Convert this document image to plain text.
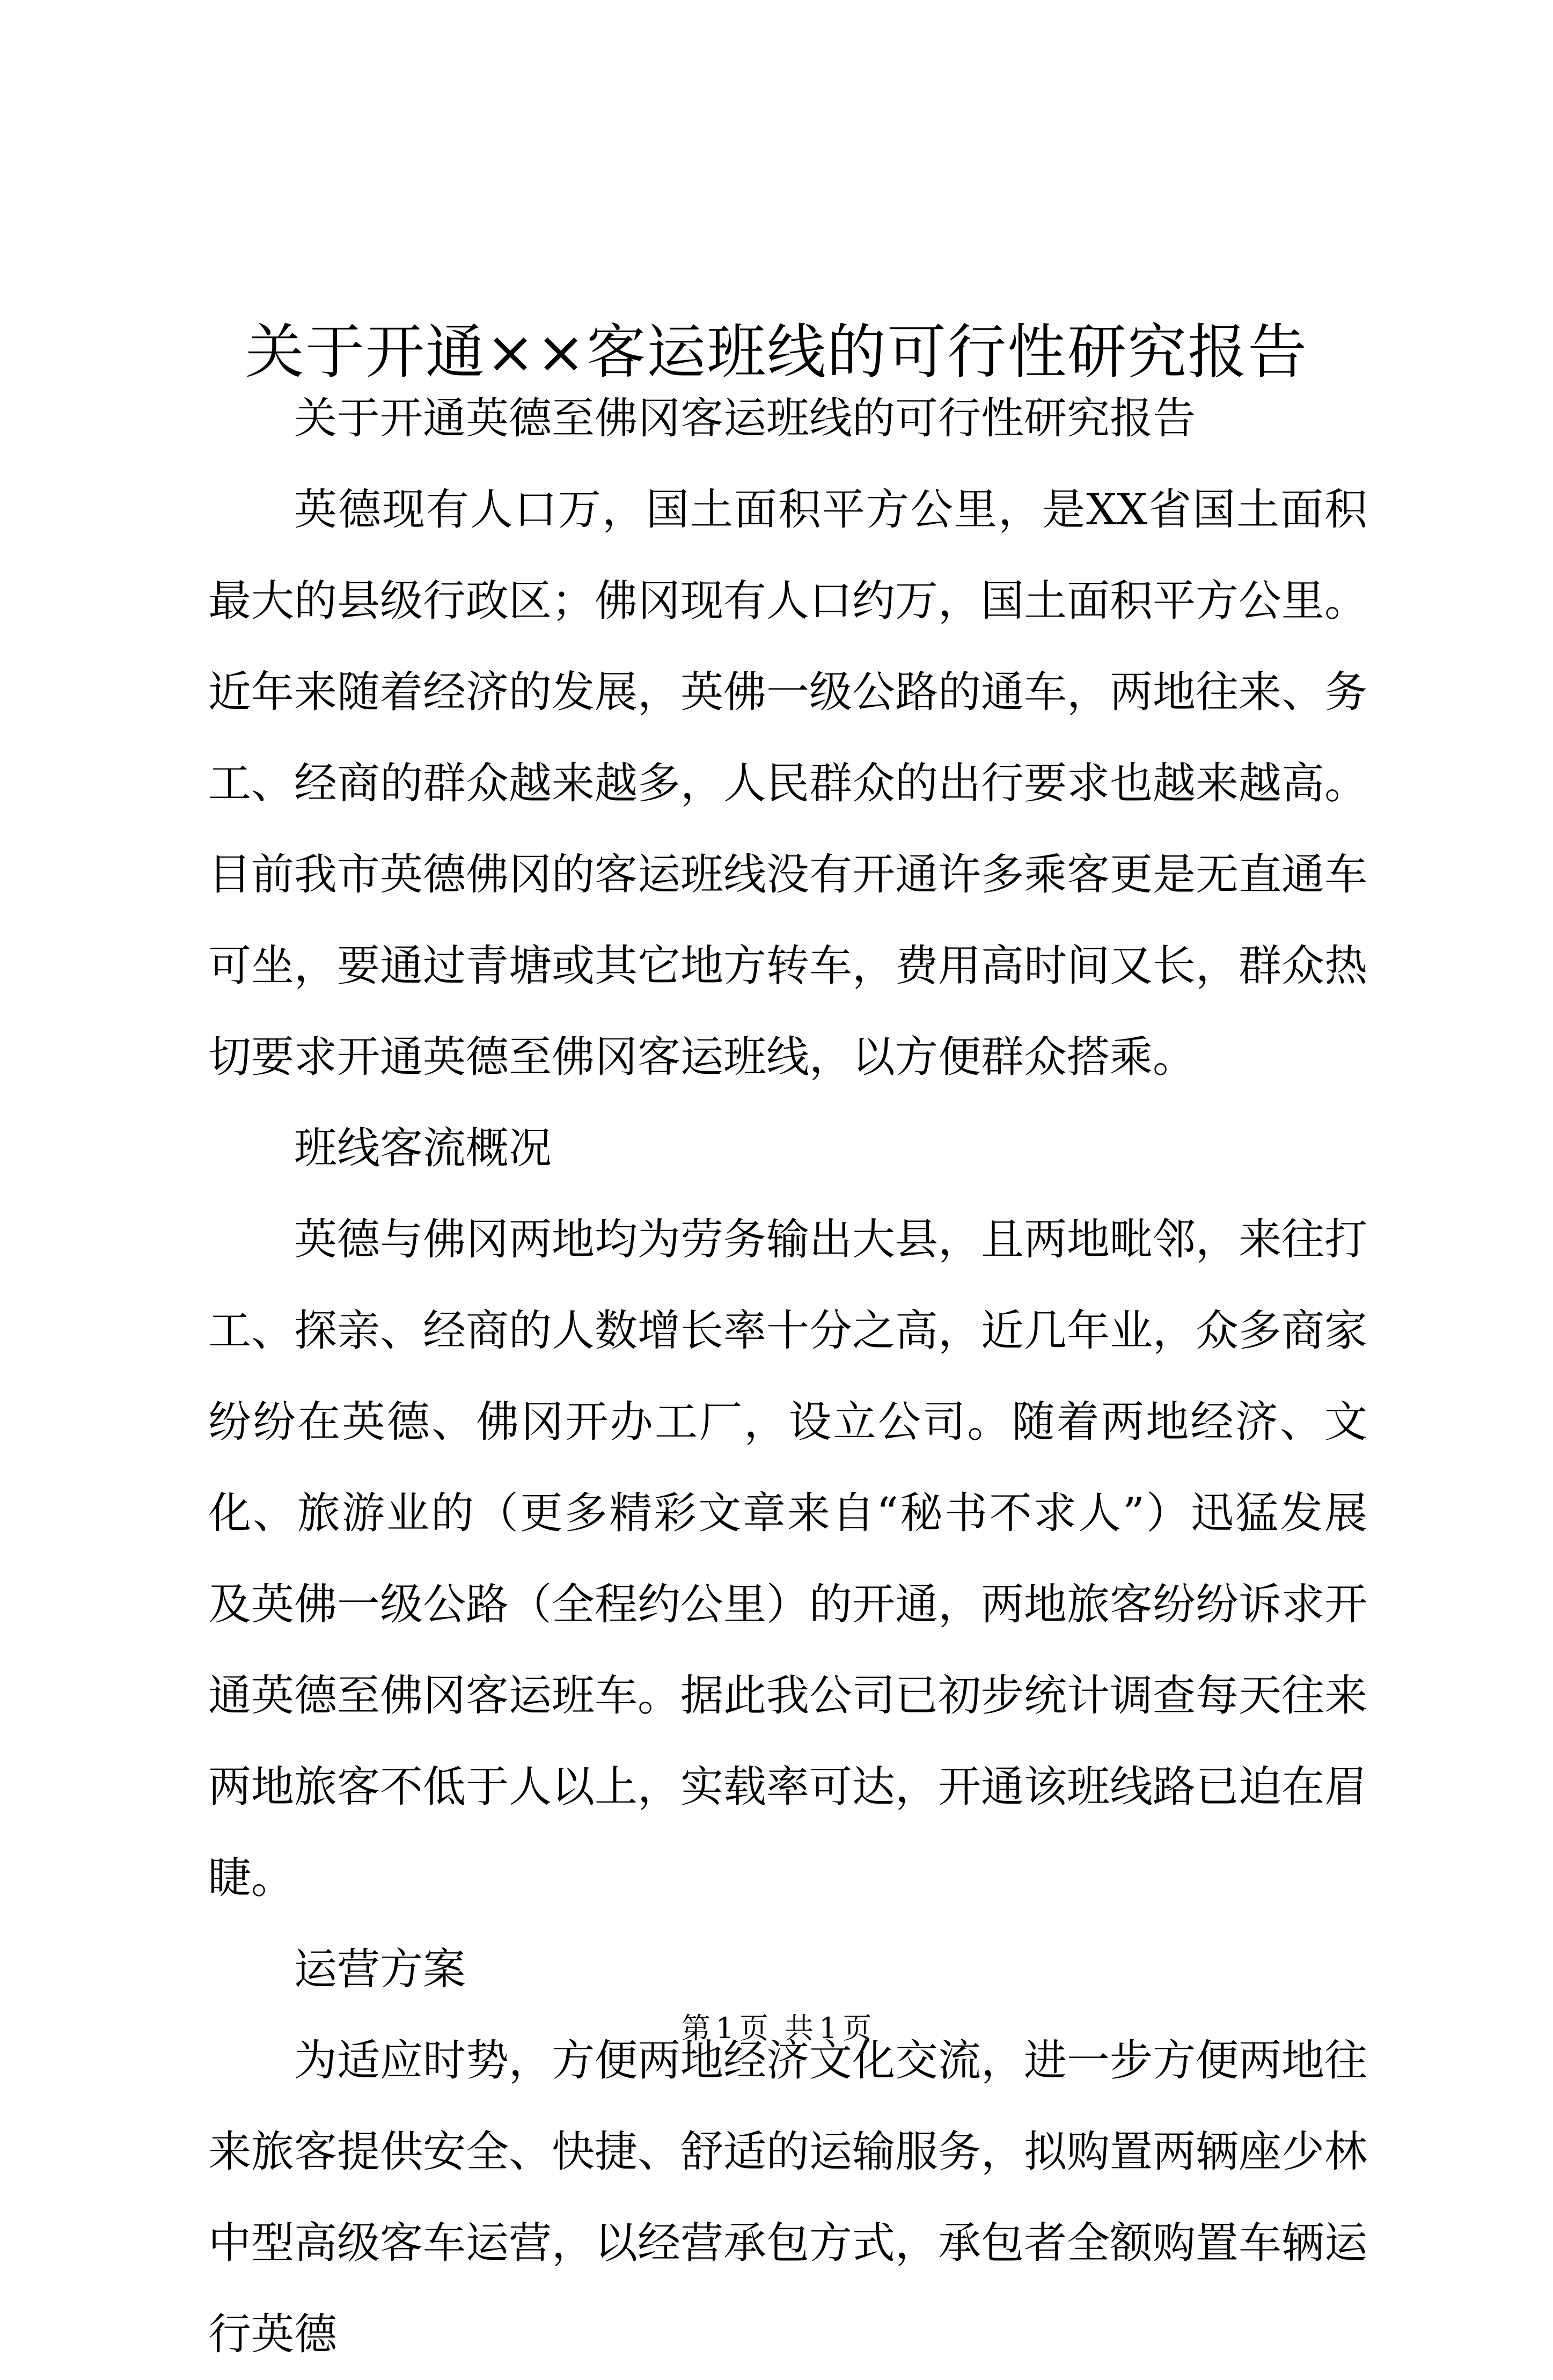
关于开通××客运班线的可行性研究报告

关于开通英德至佛冈客运班线的可行性研究报告

英德现有人口万，国土面积平方公里，是XX省国土面积最大的县级行政区；佛冈现有人口约万，国土面积平方公里。近年来随着经济的发展，英佛一级公路的通车，两地往来、务工、经商的群众越来越多，人民群众的出行要求也越来越高。目前我市英德佛冈的客运班线没有开通许多乘客更是无直通车可坐，要通过青塘或其它地方转车，费用高时间又长，群众热切要求开通英德至佛冈客运班线，以方便群众搭乘。

班线客流概况

英德与佛冈两地均为劳务输出大县，且两地毗邻，来往打工、探亲、经商的人数增长率十分之高，近几年业，众多商家纷纷在英德、佛冈开办工厂，设立公司。随着两地经济、文化、旅游业的（更多精彩文章来自“秘书不求人”）迅猛发展及英佛一级公路（全程约公里）的开通，两地旅客纷纷诉求开通英德至佛冈客运班车。据此我公司已初步统计调查每天往来两地旅客不低于人以上，实载率可达，开通该班线路已迫在眉睫。

运营方案

为适应时势，方便两地经济文化交流，进一步方便两地往来旅客提供安全、快捷、舒适的运输服务，拟购置两辆座少林中型高级客车运营，以经营承包方式，承包者全额购置车辆运行英德

第 1 页 共 1 页
